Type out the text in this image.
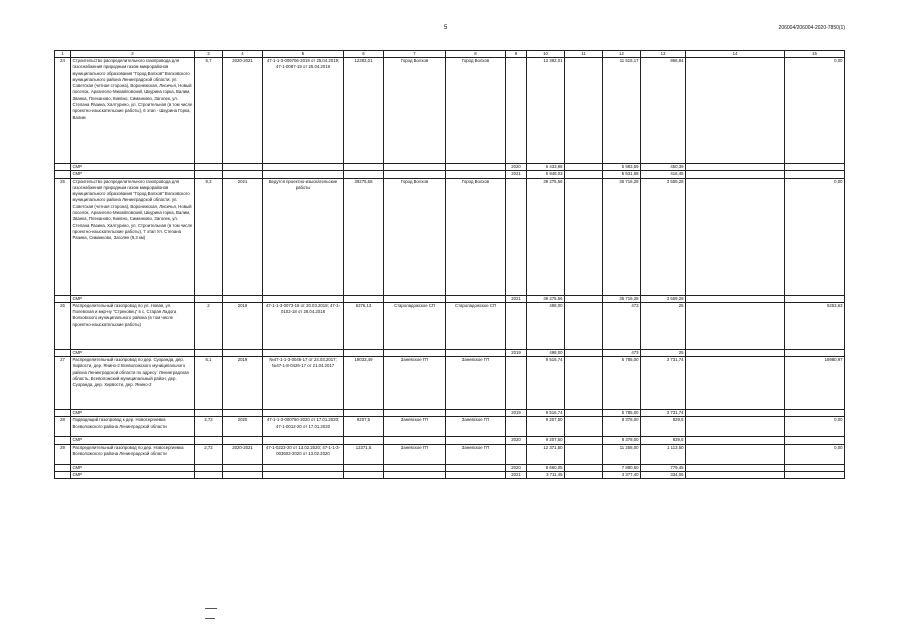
5	206004/206004-2020-7850(1)
1	2	3	4	5	6	7	8	9	10	11	12	13	14	15
24	Строительство распределительного газопровода для газоснабжения природным газом микрорайонов муниципального образования "Город Волхов" Волховского муниципального района Ленинградской области: ул. Советская (четная сторона), Воронежская, Лисичья, Новый поселок, Архангело-Михайловский, Шкурина горка, Валим, Званка, Плеханово, Киевно, Симанково, Заголек, ул. Степана Разина, Халтурино, ул. Строительная (в том числе проектно-изыскательские работы), 6 этап - Шкурина Горка, Валим	5,7	2020-2021	47-1-1-3-009706-2019 от 25.04.2019; 47-1-0087-19 от 25.04.2019	12382,01	Город Волхов	Город Волхов		12 382,01		11 515,17	866,84		0,00
	СМР							2020	6 433,98		5 983,59	450,39		
	СМР							2021	5 948,03		5 531,58	416,45		
25	Строительство распределительного газопровода для газоснабжения природным газом микрорайонов муниципального образования "Город Волхов" Волховского муниципального района Ленинградской области: ул. Советская (четная сторона), Воронежская, Лисичья, Новый поселок, Архангело-Михайловский, Шкурина горка, Валим, Званка, Плеханово, Киевно, Симанково, Заголек, ул. Степана Разина, Халтурино, ул. Строительная (в том числе проектно-изыскательские работы), 7 этап Ул. Степана Разина, Симанково, Заголек (9,3 км)	9,3	2021	Ведутся проектно-изыскательские работы	39275,56	Город Волхов	Город Волхов		39 275,56		35 716,28	3 559,28		0,00
	СМР							2021	39 275,56		35 716,28	3 559,28		
26	Распределительный газопровод по ул. Новая, ул. Полевская и мкр-ну "Стрековец" в с. Старая Ладога Волховского муниципального района (в том числе проектно-изыскательские работы)	2	2019	47-1-1-3-0073-18 от 20.03.2018; 47-1-0102-18 от 28.04.2018	6376,13	Староладожское СП	Староладожское СП		498,00		473	25		5253,63
	СМР							2019	498,00		473	25		
27	Распределительный газопровод по дер. Суоранда, дер. Хирвости, дер. Янино-2 Всеволожского муниципального района Ленинградской области по адресу: Ленинградская область, Всеволожский муниципальный район, дер. Суоранда, дер. Хирвости, дер. Янино-2	6,1	2019	№47-1-1-3-0046-17 от 24.03.2017; №47-1-8-0426-17 от 21.04.2017	19033,49	Заневское ГП	Заневское ГП		9 516,74		5 785,00	3 731,74		18980,97
	СМР							2019	9 516,74		5 785,00	3 731,74		
28	Подводящий газопровод к дер. Новосергиевка Всеволожского района Ленинградской области	2,72	2020	47-1-1-3-000750-2020 от 17.01.2020; 47-1-0012-20 от 17.01.2020	9207,5	Заневское ГП	Заневское ГП		9 207,50		8 378,00	829,5		0,00
	СМР							2020	9 207,50		8 378,00	829,5		
29	Распределительный газопровод по дер. Новосергиевка Всеволожского района Ленинградской области	2,72	2020-2021	47-1-0223-20 от 13.02.2020; 47-1-1-3-003602-2020 от 13.02.2020	12371,5	Заневское ГП	Заневское ГП		12 371,50		11 258,00	1 113,50		0,00
	СМР							2020	8 660,05		7 880,60	779,45		
	СМР							2021	3 711,45		3 377,40	334,05		
